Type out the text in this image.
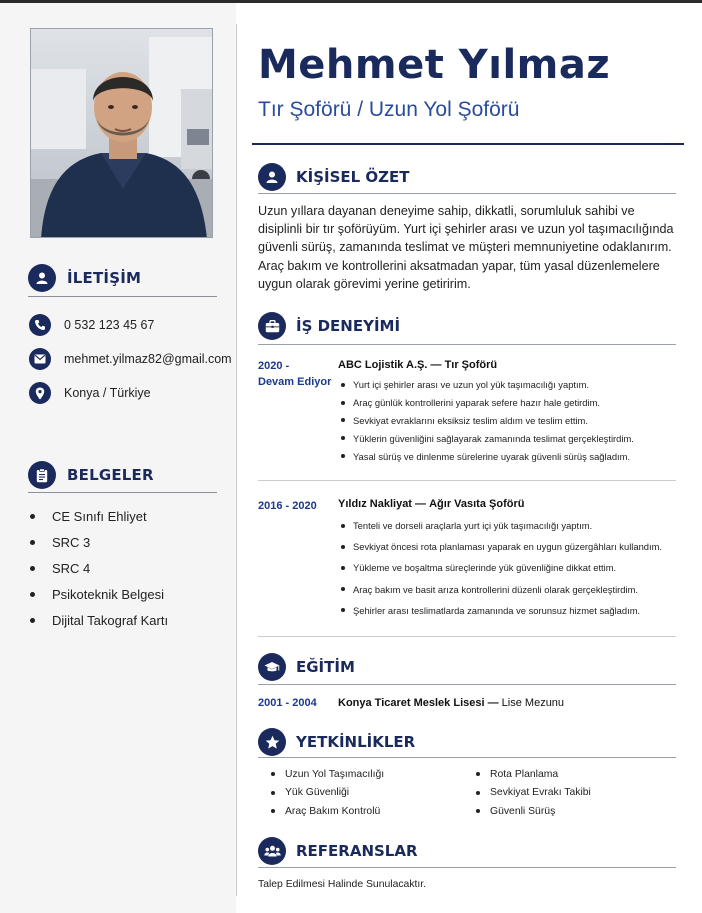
İLETİŞİM
0 532 123 45 67
mehmet.yilmaz82@gmail.com
Konya / Türkiye
BELGELER
CE Sınıfı Ehliyet
SRC 3
SRC 4
Psikoteknik Belgesi
Dijital Takograf Kartı
Mehmet Yılmaz
Tır Şoförü / Uzun Yol Şoförü
KİŞİSEL ÖZET
Uzun yıllara dayanan deneyime sahip, dikkatli, sorumluluk sahibi ve disiplinli bir tır şoförüyüm. Yurt içi şehirler arası ve uzun yol taşımacılığında güvenli sürüş, zamanında teslimat ve müşteri memnuniyetine odaklanırım.
Araç bakım ve kontrollerini aksatmadan yapar, tüm yasal düzenlemelere uygun olarak görevimi yerine getiririm.
İŞ DENEYİMİ
2020 -
Devam Ediyor
ABC Lojistik A.Ş. — Tır Şoförü
Yurt içi şehirler arası ve uzun yol yük taşımacılığı yaptım.
Araç günlük kontrollerini yaparak sefere hazır hale getirdim.
Sevkiyat evraklarını eksiksiz teslim aldım ve teslim ettim.
Yüklerin güvenliğini sağlayarak zamanında teslimat gerçekleştirdim.
Yasal sürüş ve dinlenme sürelerine uyarak güvenli sürüş sağladım.
2016 - 2020 Yıldız Nakliyat — Ağır Vasıta Şoförü
Tenteli ve dorseli araçlarla yurt içi yük taşımacılığı yaptım.
Sevkiyat öncesi rota planlaması yaparak en uygun güzergâhları kullandım.
Yükleme ve boşaltma süreçlerinde yük güvenliğine dikkat ettim.
Araç bakım ve basit arıza kontrollerini düzenli olarak gerçekleştirdim.
Şehirler arası teslimatlarda zamanında ve sorunsuz hizmet sağladım.
EĞİTİM
2001 - 2004 Konya Ticaret Meslek Lisesi — Lise Mezunu
YETKİNLİKLER
Uzun Yol Taşımacılığı
Yük Güvenliği
Araç Bakım Kontrolü
Rota Planlama
Sevkiyat Evrakı Takibi
Güvenli Sürüş
REFERANSLAR
Talep Edilmesi Halinde Sunulacaktır.
